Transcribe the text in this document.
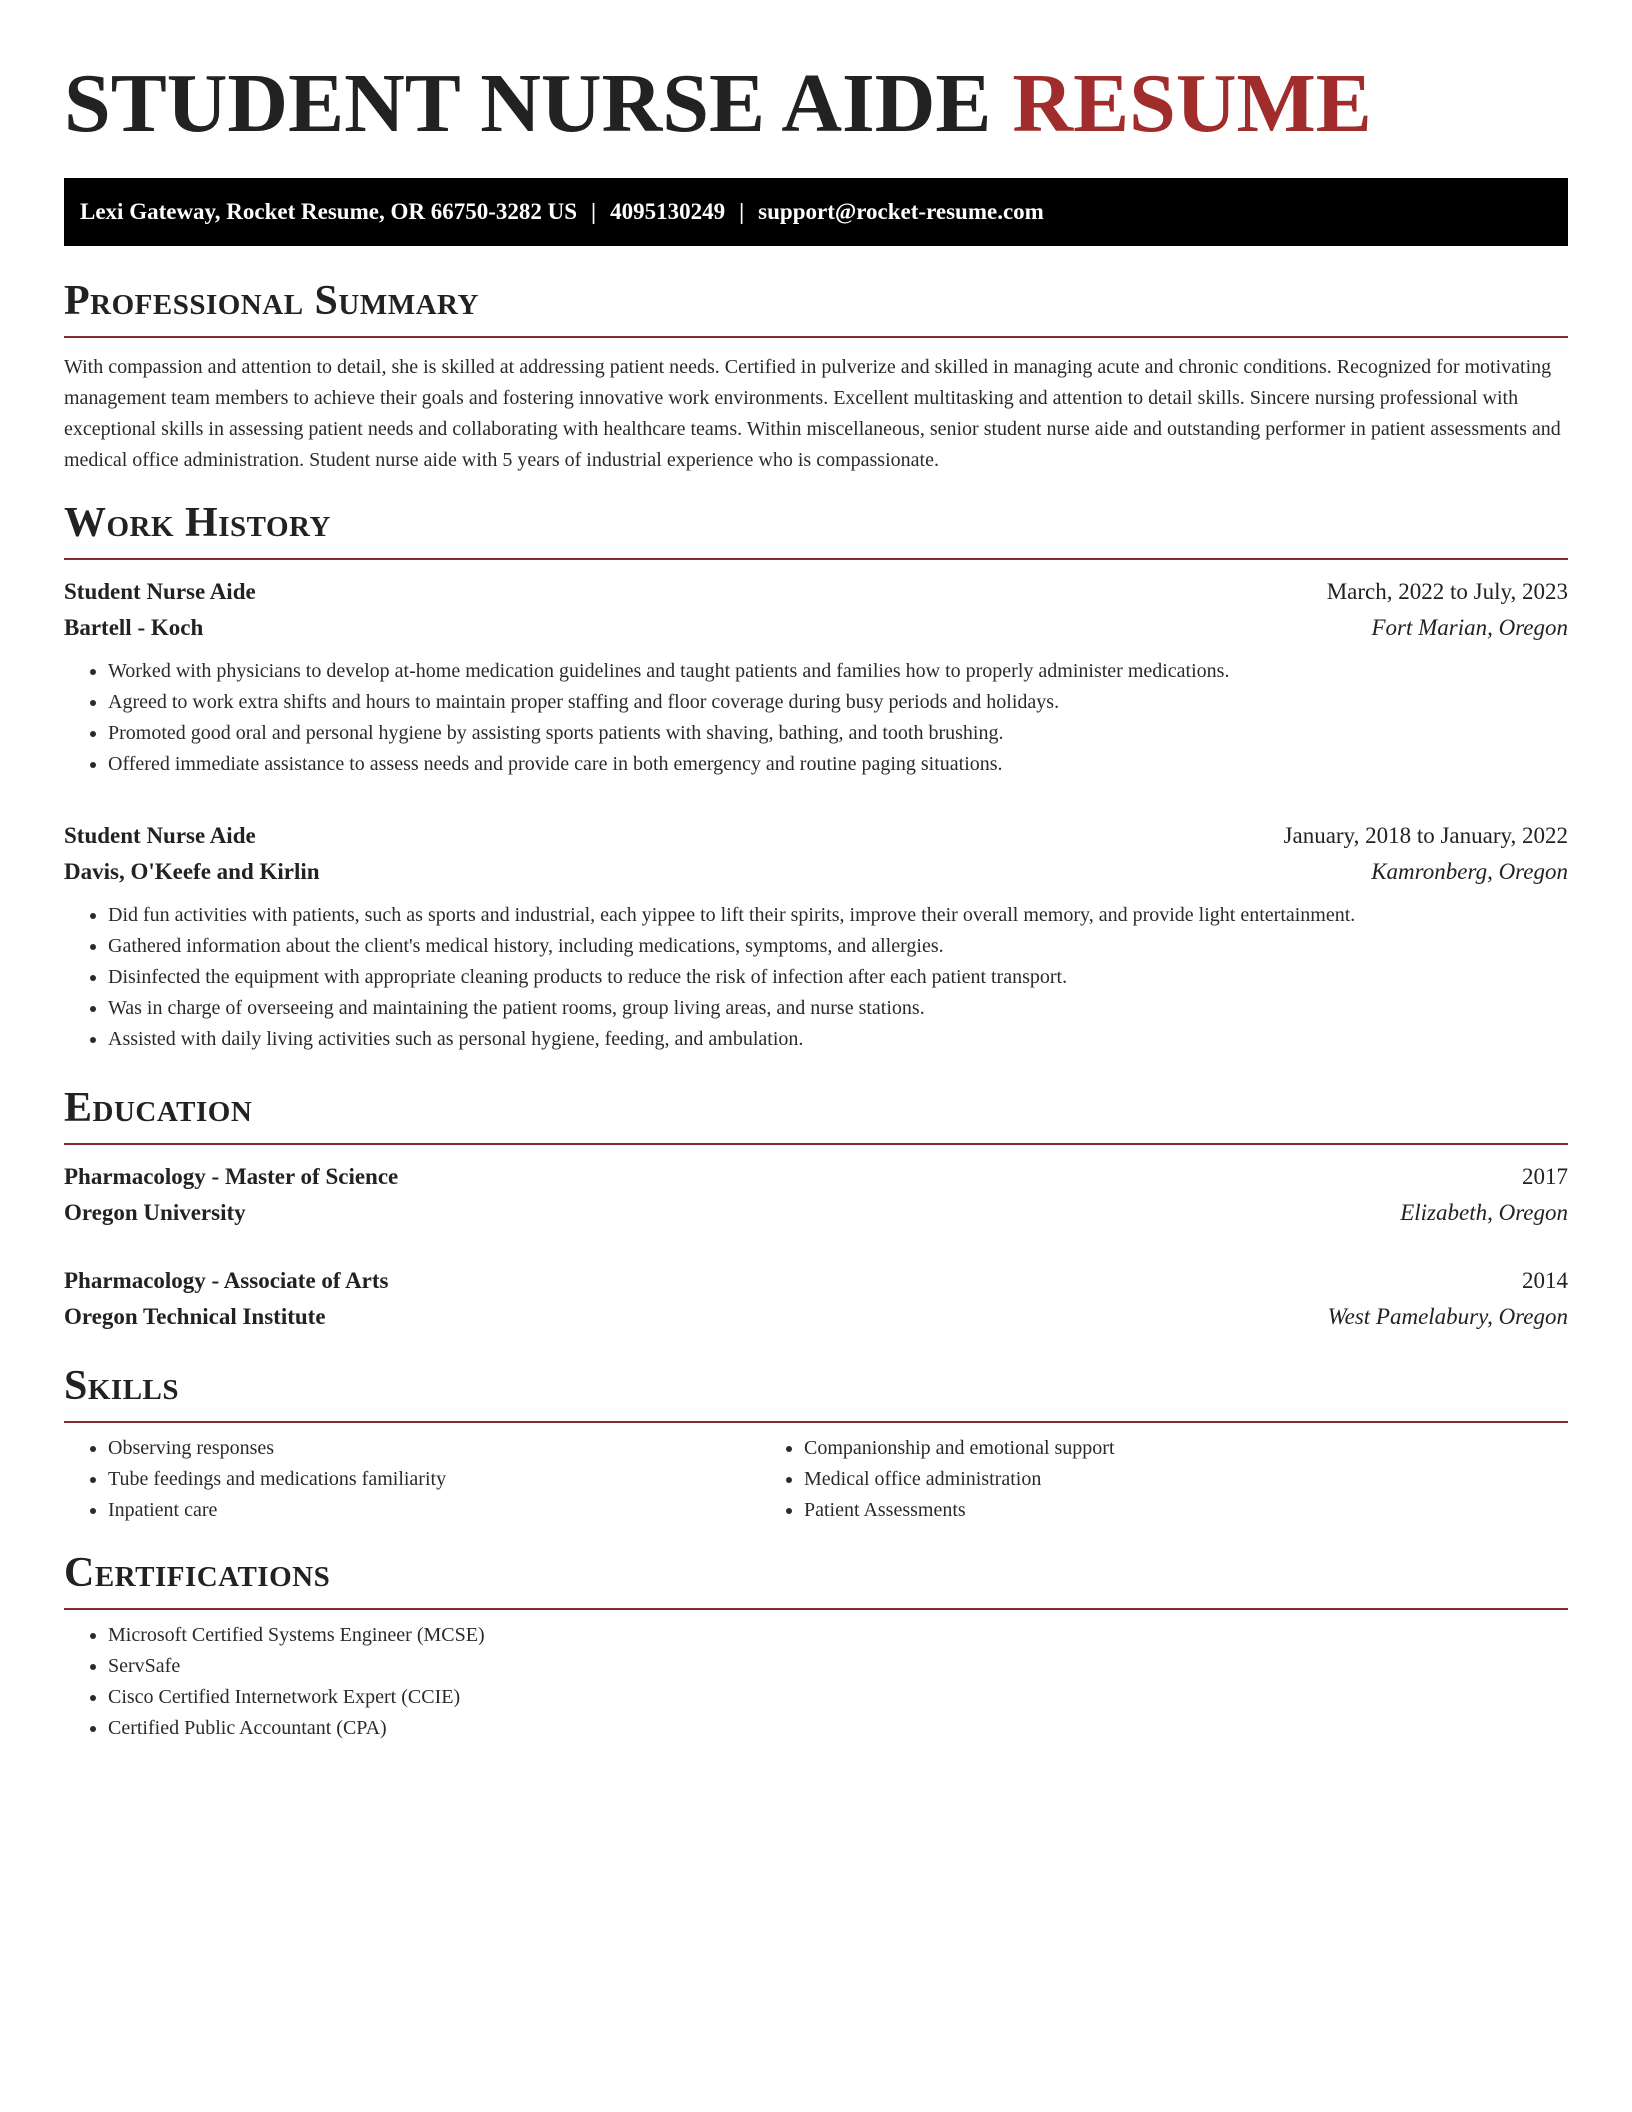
STUDENT NURSE AIDE RESUME
Lexi Gateway, Rocket Resume, OR 66750-3282 US | 4095130249 | support@rocket-resume.com
Professional Summary

With compassion and attention to detail, she is skilled at addressing patient needs. Certified in pulverize and skilled in managing acute and chronic conditions. Recognized for motivating management team members to achieve their goals and fostering innovative work environments. Excellent multitasking and attention to detail skills. Sincere nursing professional with exceptional skills in assessing patient needs and collaborating with healthcare teams. Within miscellaneous, senior student nurse aide and outstanding performer in patient assessments and medical office administration. Student nurse aide with 5 years of industrial experience who is compassionate.

Work History
Student Nurse Aide	March, 2022 to July, 2023
Bartell - Koch	Fort Marian, Oregon
• Worked with physicians to develop at-home medication guidelines and taught patients and families how to properly administer medications.
• Agreed to work extra shifts and hours to maintain proper staffing and floor coverage during busy periods and holidays.
• Promoted good oral and personal hygiene by assisting sports patients with shaving, bathing, and tooth brushing.
• Offered immediate assistance to assess needs and provide care in both emergency and routine paging situations.
Student Nurse Aide	January, 2018 to January, 2022
Davis, O'Keefe and Kirlin	Kamronberg, Oregon
• Did fun activities with patients, such as sports and industrial, each yippee to lift their spirits, improve their overall memory, and provide light entertainment.
• Gathered information about the client's medical history, including medications, symptoms, and allergies.
• Disinfected the equipment with appropriate cleaning products to reduce the risk of infection after each patient transport.
• Was in charge of overseeing and maintaining the patient rooms, group living areas, and nurse stations.
• Assisted with daily living activities such as personal hygiene, feeding, and ambulation.
Education
Pharmacology - Master of Science	2017
Oregon University	Elizabeth, Oregon
Pharmacology - Associate of Arts	2014
Oregon Technical Institute	West Pamelabury, Oregon
Skills
• Observing responses
• Tube feedings and medications familiarity
• Inpatient care
• Companionship and emotional support
• Medical office administration
• Patient Assessments
Certifications
• Microsoft Certified Systems Engineer (MCSE)
• ServSafe
• Cisco Certified Internetwork Expert (CCIE)
• Certified Public Accountant (CPA)
